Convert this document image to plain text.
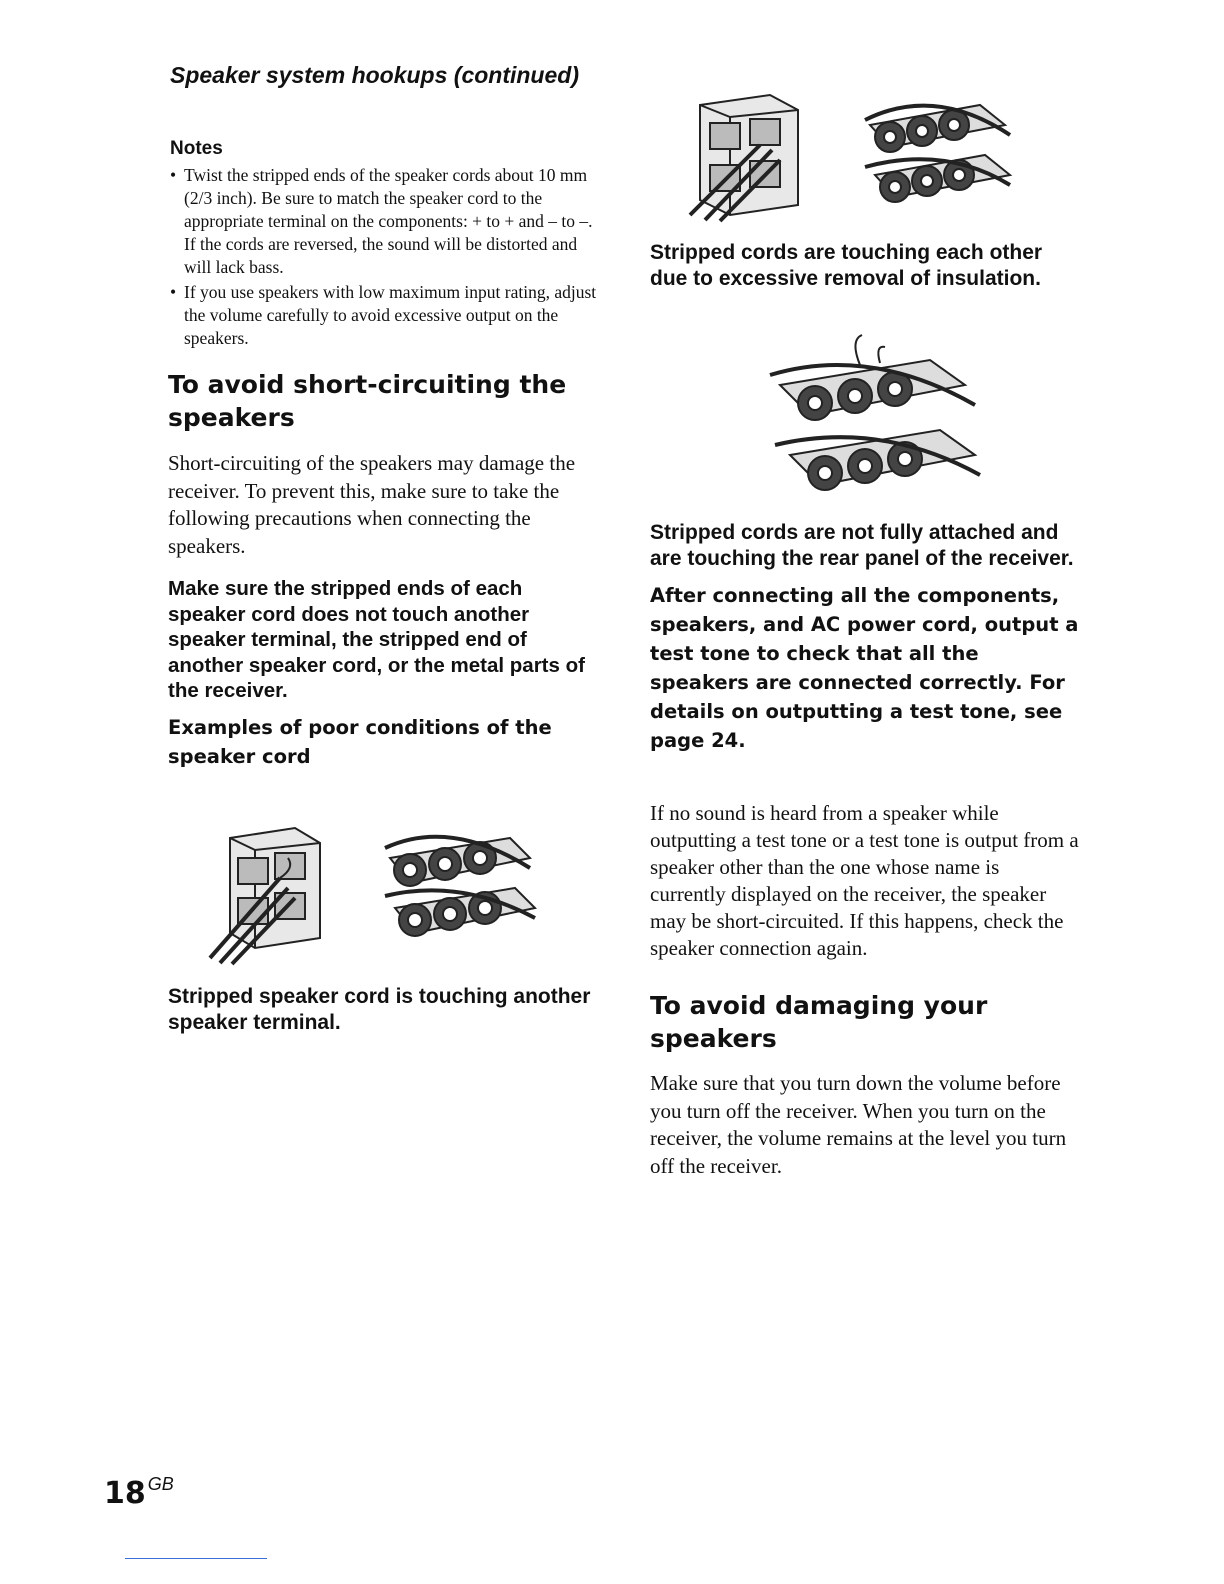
Speaker system hookups (continued)
Notes
• Twist the stripped ends of the speaker cords about 10 mm (2/3 inch). Be sure to match the speaker cord to the appropriate terminal on the components: + to + and – to –. If the cords are reversed, the sound will be distorted and will lack bass.
• If you use speakers with low maximum input rating, adjust the volume carefully to avoid excessive output on the speakers.
To avoid short-circuiting the speakers

Short-circuiting of the speakers may damage the receiver. To prevent this, make sure to take the following precautions when connecting the speakers.

Make sure the stripped ends of each speaker cord does not touch another speaker terminal, the stripped end of another speaker cord, or the metal parts of the receiver.

Examples of poor conditions of the speaker cord

Stripped speaker cord is touching another speaker terminal.

Stripped cords are touching each other due to excessive removal of insulation.

Stripped cords are not fully attached and are touching the rear panel of the receiver.

After connecting all the components, speakers, and AC power cord, output a test tone to check that all the speakers are connected correctly. For details on outputting a test tone, see page 24.

If no sound is heard from a speaker while outputting a test tone or a test tone is output from a speaker other than the one whose name is currently displayed on the receiver, the speaker may be short-circuited. If this happens, check the speaker connection again.

To avoid damaging your speakers

Make sure that you turn down the volume before you turn off the receiver. When you turn on the receiver, the volume remains at the level you turn off the receiver.

18 $^{GB}$
